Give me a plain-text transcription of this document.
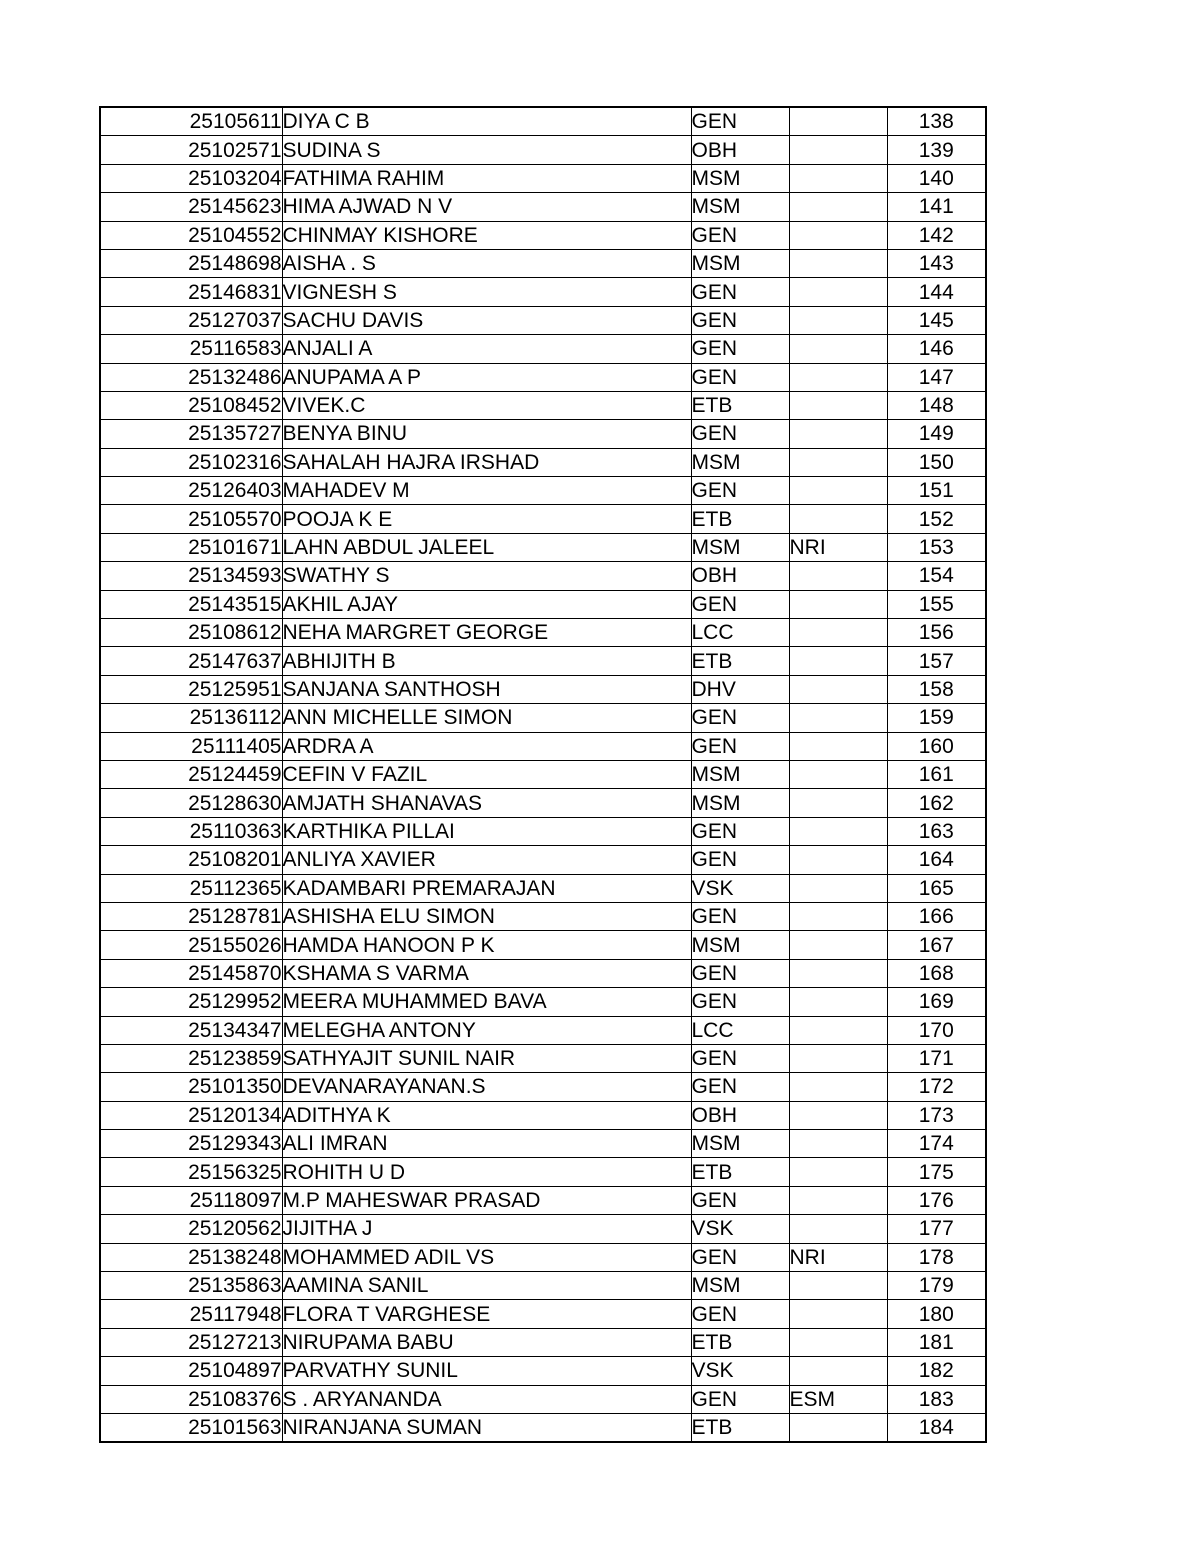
25105611	DIYA C B	GEN		138
25102571	SUDINA S	OBH		139
25103204	FATHIMA RAHIM	MSM		140
25145623	HIMA AJWAD N V	MSM		141
25104552	CHINMAY KISHORE	GEN		142
25148698	AISHA . S	MSM		143
25146831	VIGNESH S	GEN		144
25127037	SACHU DAVIS	GEN		145
25116583	ANJALI A	GEN		146
25132486	ANUPAMA A P	GEN		147
25108452	VIVEK.C	ETB		148
25135727	BENYA BINU	GEN		149
25102316	SAHALAH HAJRA IRSHAD	MSM		150
25126403	MAHADEV M	GEN		151
25105570	POOJA K E	ETB		152
25101671	LAHN ABDUL JALEEL	MSM	NRI	153
25134593	SWATHY S	OBH		154
25143515	AKHIL AJAY	GEN		155
25108612	NEHA MARGRET GEORGE	LCC		156
25147637	ABHIJITH B	ETB		157
25125951	SANJANA SANTHOSH	DHV		158
25136112	ANN MICHELLE SIMON	GEN		159
25111405	ARDRA A	GEN		160
25124459	CEFIN V FAZIL	MSM		161
25128630	AMJATH SHANAVAS	MSM		162
25110363	KARTHIKA PILLAI	GEN		163
25108201	ANLIYA XAVIER	GEN		164
25112365	KADAMBARI PREMARAJAN	VSK		165
25128781	ASHISHA ELU SIMON	GEN		166
25155026	HAMDA HANOON P K	MSM		167
25145870	KSHAMA S VARMA	GEN		168
25129952	MEERA MUHAMMED BAVA	GEN		169
25134347	MELEGHA ANTONY	LCC		170
25123859	SATHYAJIT SUNIL NAIR	GEN		171
25101350	DEVANARAYANAN.S	GEN		172
25120134	ADITHYA K	OBH		173
25129343	ALI IMRAN	MSM		174
25156325	ROHITH U D	ETB		175
25118097	M.P MAHESWAR PRASAD	GEN		176
25120562	JIJITHA J	VSK		177
25138248	MOHAMMED ADIL VS	GEN	NRI	178
25135863	AAMINA SANIL	MSM		179
25117948	FLORA T VARGHESE	GEN		180
25127213	NIRUPAMA BABU	ETB		181
25104897	PARVATHY SUNIL	VSK		182
25108376	S . ARYANANDA	GEN	ESM	183
25101563	NIRANJANA SUMAN	ETB		184
